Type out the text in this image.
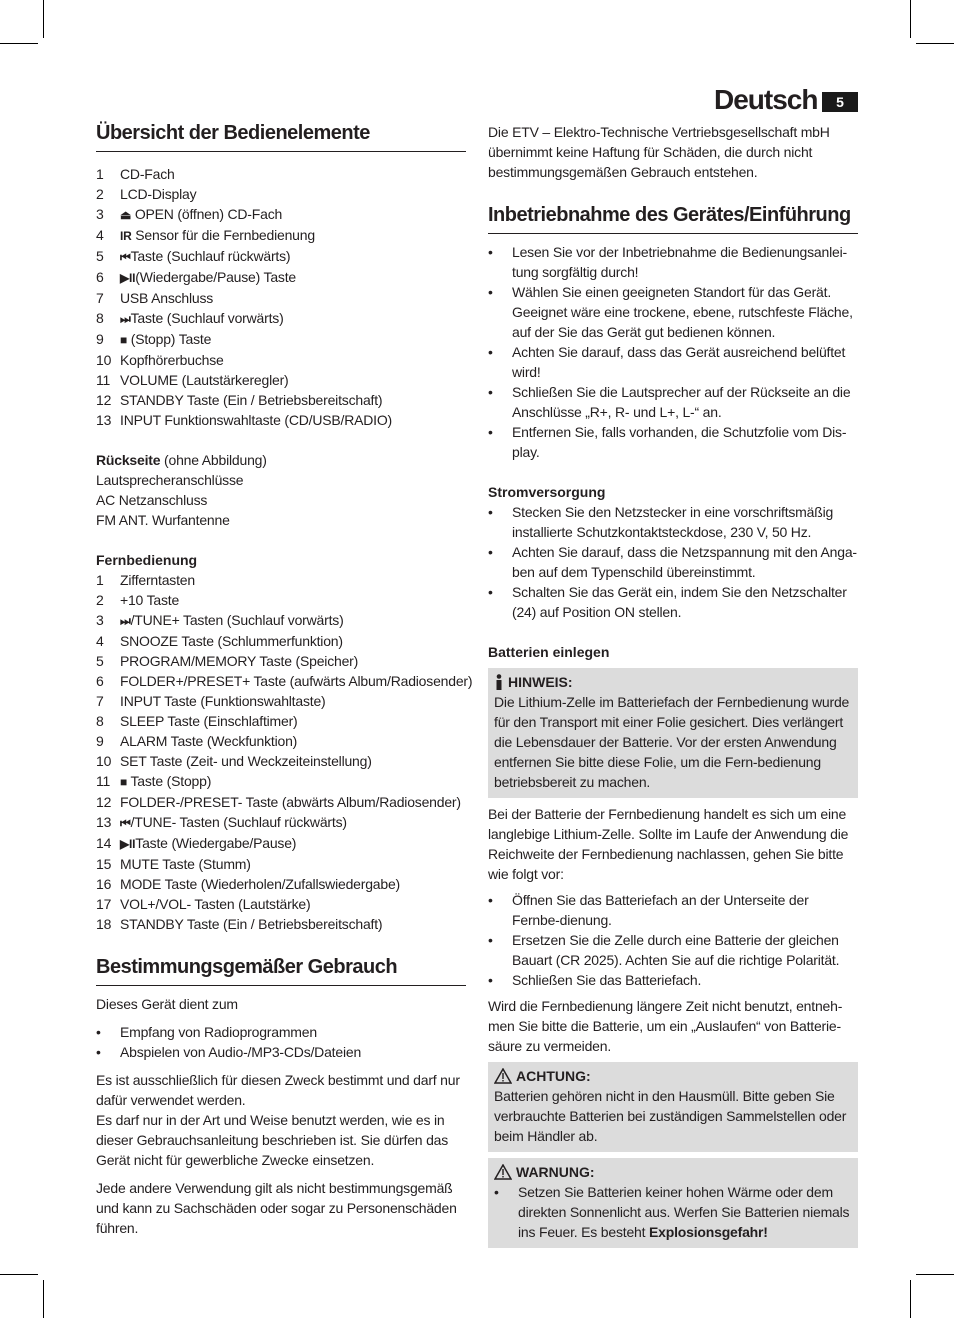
Deutsch	5
Übersicht der Bedienelemente
1 CD-Fach
2 LCD-Display
3 ⏏ OPEN (öffnen) CD-Fach
4 IR Sensor für die Fernbedienung
5 ⏮Taste (Suchlauf rückwärts)
6 ▶II(Wiedergabe/Pause) Taste
7 USB Anschluss
8 ⏭Taste (Suchlauf vorwärts)
9 ■ (Stopp) Taste
10 Kopfhörerbuchse
11 VOLUME (Lautstärkeregler)
12 STANDBY Taste (Ein / Betriebsbereitschaft)
13 INPUT Funktionswahltaste (CD/USB/RADIO)
Rückseite (ohne Abbildung)
Lautsprecheranschlüsse
AC Netzanschluss
FM ANT. Wurfantenne
Fernbedienung
1 Zifferntasten
2 +10 Taste
3 ⏭/TUNE+ Tasten (Suchlauf vorwärts)
4 SNOOZE Taste (Schlummerfunktion)
5 PROGRAM/MEMORY Taste (Speicher)
6 FOLDER+/PRESET+ Taste (aufwärts Album/Radiosender)
7 INPUT Taste (Funktionswahltaste)
8 SLEEP Taste (Einschlaftimer)
9 ALARM Taste (Weckfunktion)
10 SET Taste (Zeit- und Weckzeiteinstellung)
11 ■ Taste (Stopp)
12 FOLDER-/PRESET- Taste (abwärts Album/Radiosender)
13 ⏮/TUNE- Tasten (Suchlauf rückwärts)
14 ▶IITaste (Wiedergabe/Pause)
15 MUTE Taste (Stumm)
16 MODE Taste (Wiederholen/Zufallswiedergabe)
17 VOL+/VOL- Tasten (Lautstärke)
18 STANDBY Taste (Ein / Betriebsbereitschaft)
Bestimmungsgemäßer Gebrauch
Dieses Gerät dient zum
• Empfang von Radioprogrammen
• Abspielen von Audio-/MP3-CDs/Dateien
Es ist ausschließlich für diesen Zweck bestimmt und darf nur dafür verwendet werden.
Es darf nur in der Art und Weise benutzt werden, wie es in dieser Gebrauchsanleitung beschrieben ist. Sie dürfen das Gerät nicht für gewerbliche Zwecke einsetzen.
Jede andere Verwendung gilt als nicht bestimmungsgemäß und kann zu Sachschäden oder sogar zu Personenschäden führen.
Die ETV – Elektro-Technische Vertriebsgesellschaft mbH übernimmt keine Haftung für Schäden, die durch nicht bestimmungsgemäßen Gebrauch entstehen.
Inbetriebnahme des Gerätes/Einführung
• Lesen Sie vor der Inbetriebnahme die Bedienungsanlei-tung sorgfältig durch!
• Wählen Sie einen geeigneten Standort für das Gerät. Geeignet wäre eine trockene, ebene, rutschfeste Fläche, auf der Sie das Gerät gut bedienen können.
• Achten Sie darauf, dass das Gerät ausreichend belüftet wird!
• Schließen Sie die Lautsprecher auf der Rückseite an die Anschlüsse „R+, R- und L+, L-“ an.
• Entfernen Sie, falls vorhanden, die Schutzfolie vom Dis-play.
Stromversorgung
• Stecken Sie den Netzstecker in eine vorschriftsmäßig installierte Schutzkontaktsteckdose, 230 V, 50 Hz.
• Achten Sie darauf, dass die Netzspannung mit den Anga-ben auf dem Typenschild übereinstimmt.
• Schalten Sie das Gerät ein, indem Sie den Netzschalter (24) auf Position ON stellen.
Batterien einlegen
HINWEIS:
Die Lithium-Zelle im Batteriefach der Fernbedienung wurde für den Transport mit einer Folie gesichert. Dies verlängert die Lebensdauer der Batterie. Vor der ersten Anwendung entfernen Sie bitte diese Folie, um die Fern-bedienung betriebsbereit zu machen.
Bei der Batterie der Fernbedienung handelt es sich um eine langlebige Lithium-Zelle. Sollte im Laufe der Anwendung die Reichweite der Fernbedienung nachlassen, gehen Sie bitte wie folgt vor:
• Öffnen Sie das Batteriefach an der Unterseite der Fernbe-dienung.
• Ersetzen Sie die Zelle durch eine Batterie der gleichen Bauart (CR 2025). Achten Sie auf die richtige Polarität.
• Schließen Sie das Batteriefach.
Wird die Fernbedienung längere Zeit nicht benutzt, entneh-men Sie bitte die Batterie, um ein „Auslaufen“ von Batterie-säure zu vermeiden.
ACHTUNG:
Batterien gehören nicht in den Hausmüll. Bitte geben Sie verbrauchte Batterien bei zuständigen Sammelstellen oder beim Händler ab.
WARNUNG:
• Setzen Sie Batterien keiner hohen Wärme oder dem direkten Sonnenlicht aus. Werfen Sie Batterien niemals ins Feuer. Es besteht Explosionsgefahr!
